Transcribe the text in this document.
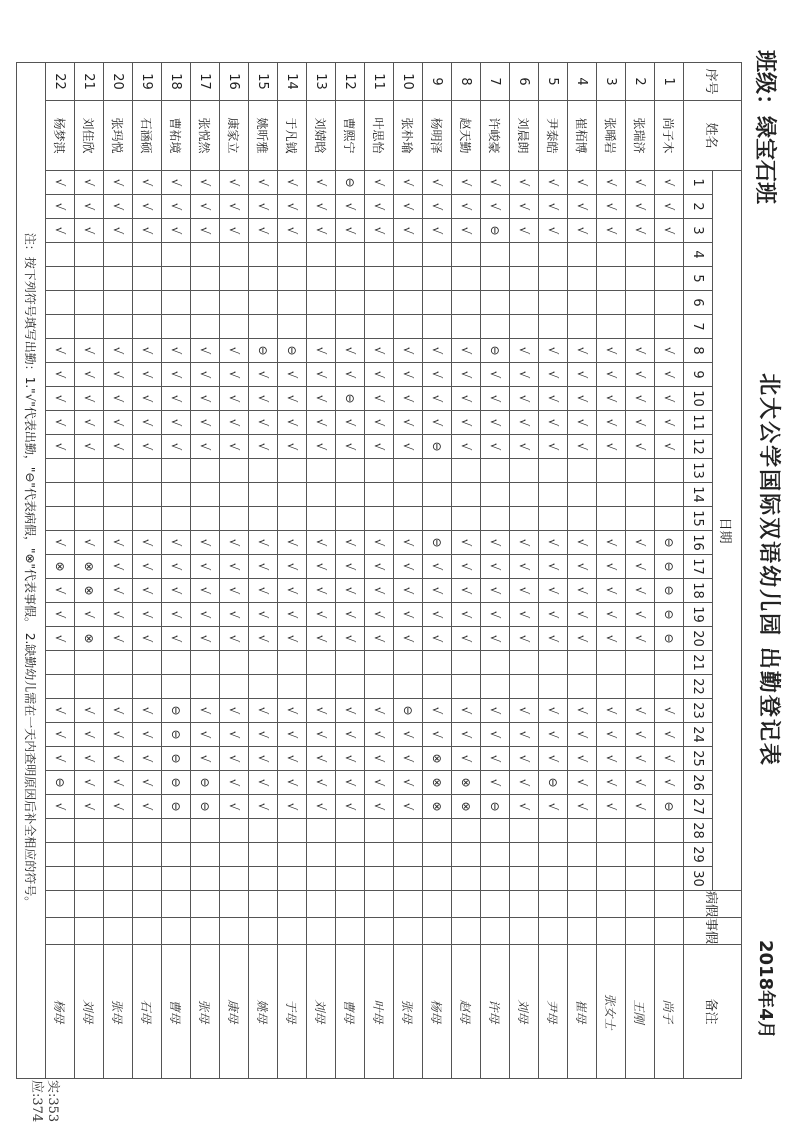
班级：绿宝石班
北大公学国际双语幼儿园 出勤登记表
2018年4月
序号	姓名	日期																														病假	事假	备注
		1	2	3	4	5	6	7	8	9	10	11	12	13	14	15	16	17	18	19	20	21	22	23	24	25	26	27	28	29	30			
1	尚子木	√	√	√					√	√	√	√	√				⊖	⊖	⊖	⊖	⊖			√	√	√	√	⊖						尚子
2	张瑞济	√	√	√					√	√	√	√	√				√	√	√	√	√			√	√	√	√	√						王刚
3	张晞岩	√	√	√					√	√	√	√	√				√	√	√	√	√			√	√	√	√	√						张女士
4	崔栢博	√	√	√					√	√	√	√	√				√	√	√	√	√			√	√	√	√	√						崔母
5	尹泰皓	√	√	√					√	√	√	√	√				√	√	√	√	√			√	√	√	⊖	√						尹母
6	刘晨朗	√	√	√					√	√	√	√	√				√	√	√	√	√			√	√	√	√	√						刘母
7	许峻豪	√	√	⊖					⊖	√	√	√	√				√	√	√	√	√			√	√	√	√	⊖						许母
8	赵天勤	√	√	√					√	√	√	√	√				√	√	√	√	√			√	√	√	⊗	⊗						赵母
9	杨明泽	√	√	√					√	√	√	√	⊖				⊖	√	√	√	√			√	√	⊗	⊗	⊗						杨母
10	张朴瑜	√	√	√					√	√	√	√	√				√	√	√	√	√			⊖	√	√	√	√						张母
11	叶思怡	√	√	√					√	√	√	√	√				√	√	√	√	√			√	√	√	√	√						叶母
12	曹熙宁	⊖	√	√					√	√	⊖	√	√				√	√	√	√	√			√	√	√	√	√						曹母
13	刘婧晗	√	√	√					√	√	√	√	√				√	√	√	√	√			√	√	√	√	√						刘母
14	于凡钺	√	√	√					⊖	√	√	√	√				√	√	√	√	√			√	√	√	√	√						于母
15	姚昕雅	√	√	√					⊖	√	√	√	√				√	√	√	√	√			√	√	√	√	√						姚母
16	康家立	√	√	√					√	√	√	√	√				√	√	√	√	√			√	√	√	√	√						康母
17	张悦然	√	√	√					√	√	√	√	√				√	√	√	√	√			√	√	√	⊖	⊖						张母
18	曹祐境	√	√	√					√	√	√	√	√				√	√	√	√	√			⊖	⊖	⊖	⊖	⊖						曹母
19	石涵硕	√	√	√					√	√	√	√	√				√	√	√	√	√			√	√	√	√	√						石母
20	张玛悦	√	√	√					√	√	√	√	√				√	√	√	√	√			√	√	√	√	√						张母
21	刘佳欣	√	√	√					√	√	√	√	√				√	⊗	⊗	√	⊗			√	√	√	√	√						刘母
22	杨梦淇	√	√	√					√	√	√	√	√				√	⊗	√	√	√			√	√	√	⊖	√						杨母
注：按下列符号填写出勤：1."√"代表出勤，"⊖"代表病假，"⊗"代表事假。 2.缺勤幼儿需在一天内查明原因后补全相应的符号。																																		
实:353
应:374
